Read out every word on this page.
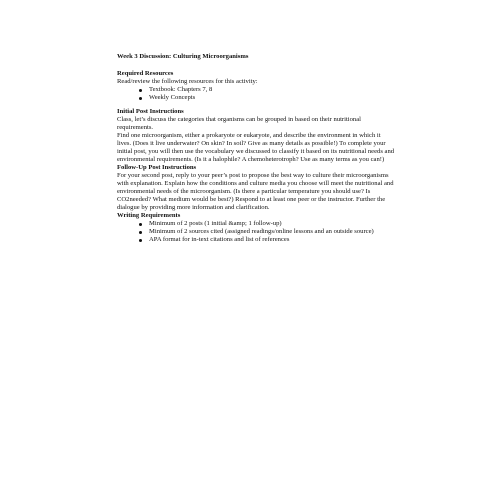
Week 3 Discussion: Culturing Microorganisms

Required Resources

Read/review the following resources for this activity:

Textbook: Chapters 7, 8
Weekly Concepts

Initial Post Instructions

Class, let’s discuss the categories that organisms can be grouped in based on their nutritional requirements.

Find one microorganism, either a prokaryote or eukaryote, and describe the environment in which it lives. (Does it live underwater? On skin? In soil? Give as many details as possible!) To complete your initial post, you will then use the vocabulary we discussed to classify it based on its nutritional needs and environmental requirements. (Is it a halophile? A chemoheterotroph? Use as many terms as you can!)

Follow-Up Post Instructions

For your second post, reply to your peer’s post to propose the best way to culture their microorganisms with explanation. Explain how the conditions and culture media you choose will meet the nutritional and environmental needs of the microorganism. (Is there a particular temperature you should use? Is CO2needed? What medium would be best?) Respond to at least one peer or the instructor. Further the dialogue by providing more information and clarification.

Writing Requirements

Minimum of 2 posts (1 initial &amp; 1 follow-up)
Minimum of 2 sources cited (assigned readings/online lessons and an outside source)
APA format for in-text citations and list of references
